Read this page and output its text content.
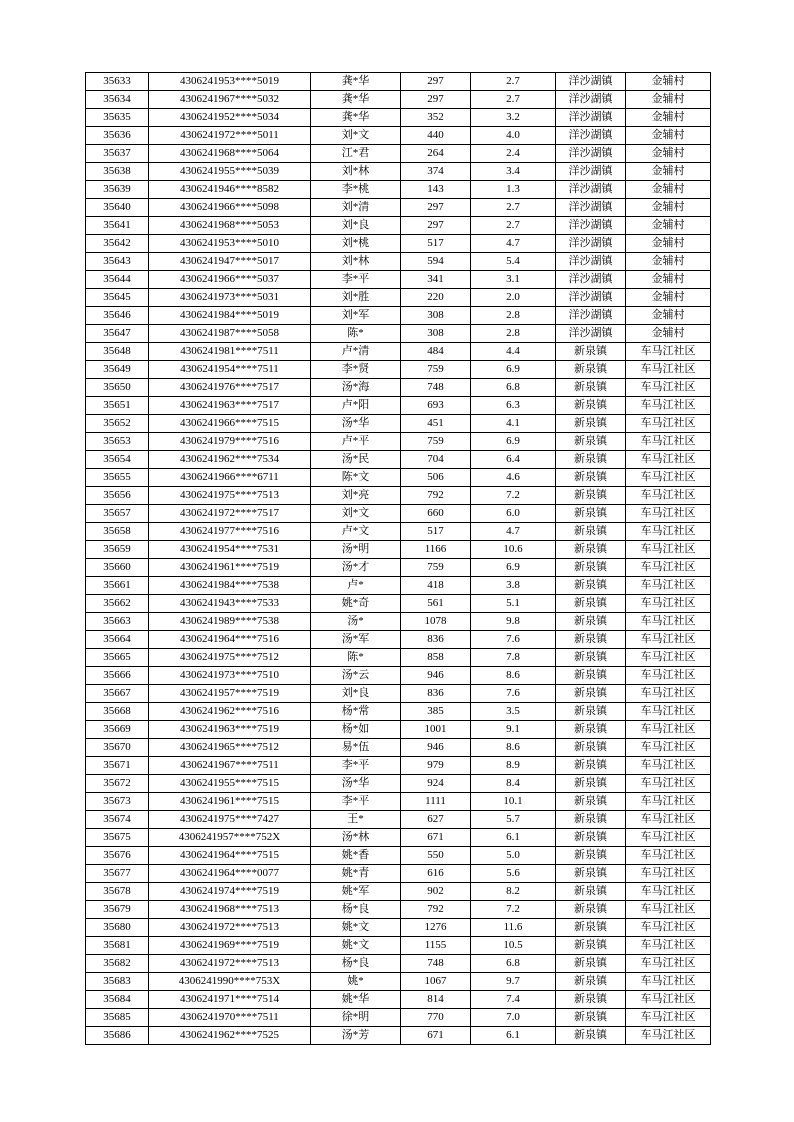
35633	4306241953****5019	龚*华	297	2.7	洋沙湖镇	金辅村
35634	4306241967****5032	龚*华	297	2.7	洋沙湖镇	金辅村
35635	4306241952****5034	龚*华	352	3.2	洋沙湖镇	金辅村
35636	4306241972****5011	刘*文	440	4.0	洋沙湖镇	金辅村
35637	4306241968****5064	江*君	264	2.4	洋沙湖镇	金辅村
35638	4306241955****5039	刘*林	374	3.4	洋沙湖镇	金辅村
35639	4306241946****8582	李*桃	143	1.3	洋沙湖镇	金辅村
35640	4306241966****5098	刘*清	297	2.7	洋沙湖镇	金辅村
35641	4306241968****5053	刘*良	297	2.7	洋沙湖镇	金辅村
35642	4306241953****5010	刘*桃	517	4.7	洋沙湖镇	金辅村
35643	4306241947****5017	刘*林	594	5.4	洋沙湖镇	金辅村
35644	4306241966****5037	李*平	341	3.1	洋沙湖镇	金辅村
35645	4306241973****5031	刘*胜	220	2.0	洋沙湖镇	金辅村
35646	4306241984****5019	刘*军	308	2.8	洋沙湖镇	金辅村
35647	4306241987****5058	陈*	308	2.8	洋沙湖镇	金辅村
35648	4306241981****7511	卢*清	484	4.4	新泉镇	车马江社区
35649	4306241954****7511	李*贤	759	6.9	新泉镇	车马江社区
35650	4306241976****7517	汤*海	748	6.8	新泉镇	车马江社区
35651	4306241963****7517	卢*阳	693	6.3	新泉镇	车马江社区
35652	4306241966****7515	汤*华	451	4.1	新泉镇	车马江社区
35653	4306241979****7516	卢*平	759	6.9	新泉镇	车马江社区
35654	4306241962****7534	汤*民	704	6.4	新泉镇	车马江社区
35655	4306241966****6711	陈*文	506	4.6	新泉镇	车马江社区
35656	4306241975****7513	刘*亮	792	7.2	新泉镇	车马江社区
35657	4306241972****7517	刘*文	660	6.0	新泉镇	车马江社区
35658	4306241977****7516	卢*文	517	4.7	新泉镇	车马江社区
35659	4306241954****7531	汤*明	1166	10.6	新泉镇	车马江社区
35660	4306241961****7519	汤*才	759	6.9	新泉镇	车马江社区
35661	4306241984****7538	卢*	418	3.8	新泉镇	车马江社区
35662	4306241943****7533	姚*奇	561	5.1	新泉镇	车马江社区
35663	4306241989****7538	汤*	1078	9.8	新泉镇	车马江社区
35664	4306241964****7516	汤*军	836	7.6	新泉镇	车马江社区
35665	4306241975****7512	陈*	858	7.8	新泉镇	车马江社区
35666	4306241973****7510	汤*云	946	8.6	新泉镇	车马江社区
35667	4306241957****7519	刘*良	836	7.6	新泉镇	车马江社区
35668	4306241962****7516	杨*常	385	3.5	新泉镇	车马江社区
35669	4306241963****7519	杨*如	1001	9.1	新泉镇	车马江社区
35670	4306241965****7512	易*伍	946	8.6	新泉镇	车马江社区
35671	4306241967****7511	李*平	979	8.9	新泉镇	车马江社区
35672	4306241955****7515	汤*华	924	8.4	新泉镇	车马江社区
35673	4306241961****7515	李*平	1111	10.1	新泉镇	车马江社区
35674	4306241975****7427	王*	627	5.7	新泉镇	车马江社区
35675	4306241957****752X	汤*林	671	6.1	新泉镇	车马江社区
35676	4306241964****7515	姚*香	550	5.0	新泉镇	车马江社区
35677	4306241964****0077	姚*青	616	5.6	新泉镇	车马江社区
35678	4306241974****7519	姚*军	902	8.2	新泉镇	车马江社区
35679	4306241968****7513	杨*良	792	7.2	新泉镇	车马江社区
35680	4306241972****7513	姚*文	1276	11.6	新泉镇	车马江社区
35681	4306241969****7519	姚*文	1155	10.5	新泉镇	车马江社区
35682	4306241972****7513	杨*良	748	6.8	新泉镇	车马江社区
35683	4306241990****753X	姚*	1067	9.7	新泉镇	车马江社区
35684	4306241971****7514	姚*华	814	7.4	新泉镇	车马江社区
35685	4306241970****7511	徐*明	770	7.0	新泉镇	车马江社区
35686	4306241962****7525	汤*芳	671	6.1	新泉镇	车马江社区
